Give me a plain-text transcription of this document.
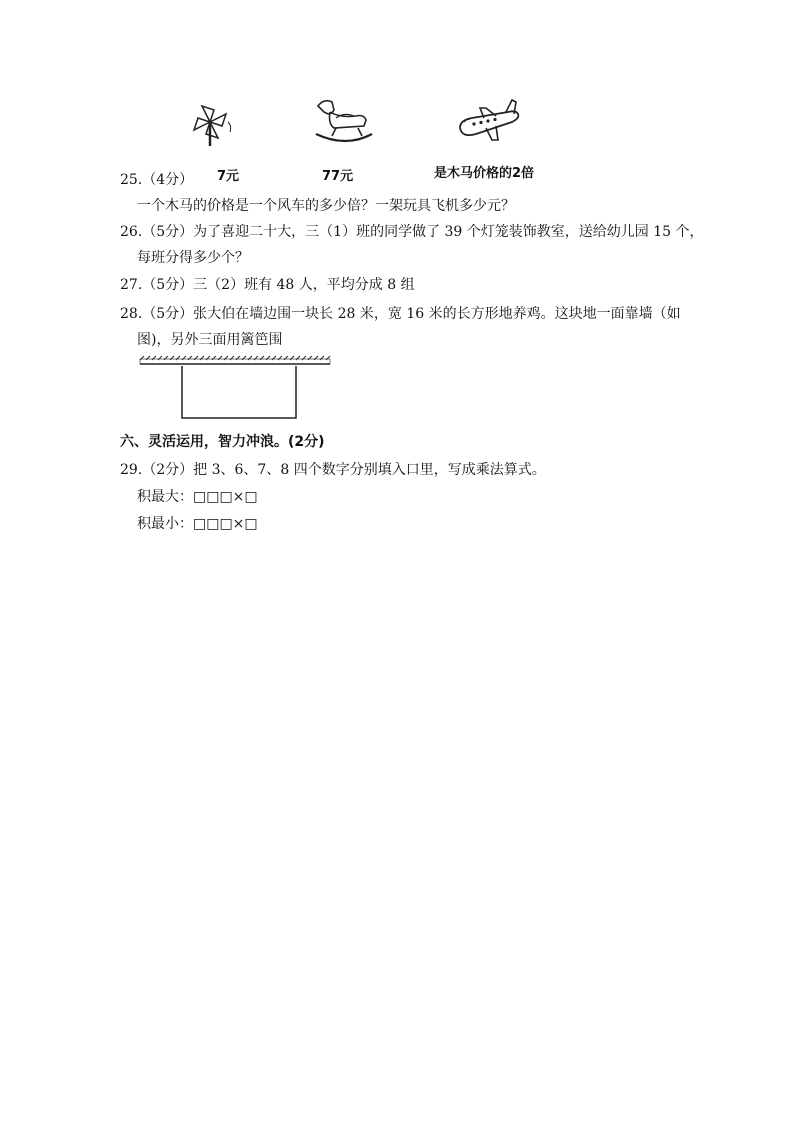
7元	77元	是木马价格的2倍
25.（4分）
一个木马的价格是一个风车的多少倍？一架玩具飞机多少元？
26.（5分）为了喜迎二十大，三（1）班的同学做了 39 个灯笼装饰教室，送给幼儿园 15 个，
每班分得多少个？
27.（5分）三（2）班有 48 人，平均分成 8 组
28.（5分）张大伯在墙边围一块长 28 米，宽 16 米的长方形地养鸡。这块地一面靠墙（如
图)，另外三面用篱笆围
六、灵活运用，智力冲浪。(2分)
29.（2分）把 3、6、7、8 四个数字分别填入口里，写成乘法算式。
积最大：□□□×□
积最小：□□□×□
